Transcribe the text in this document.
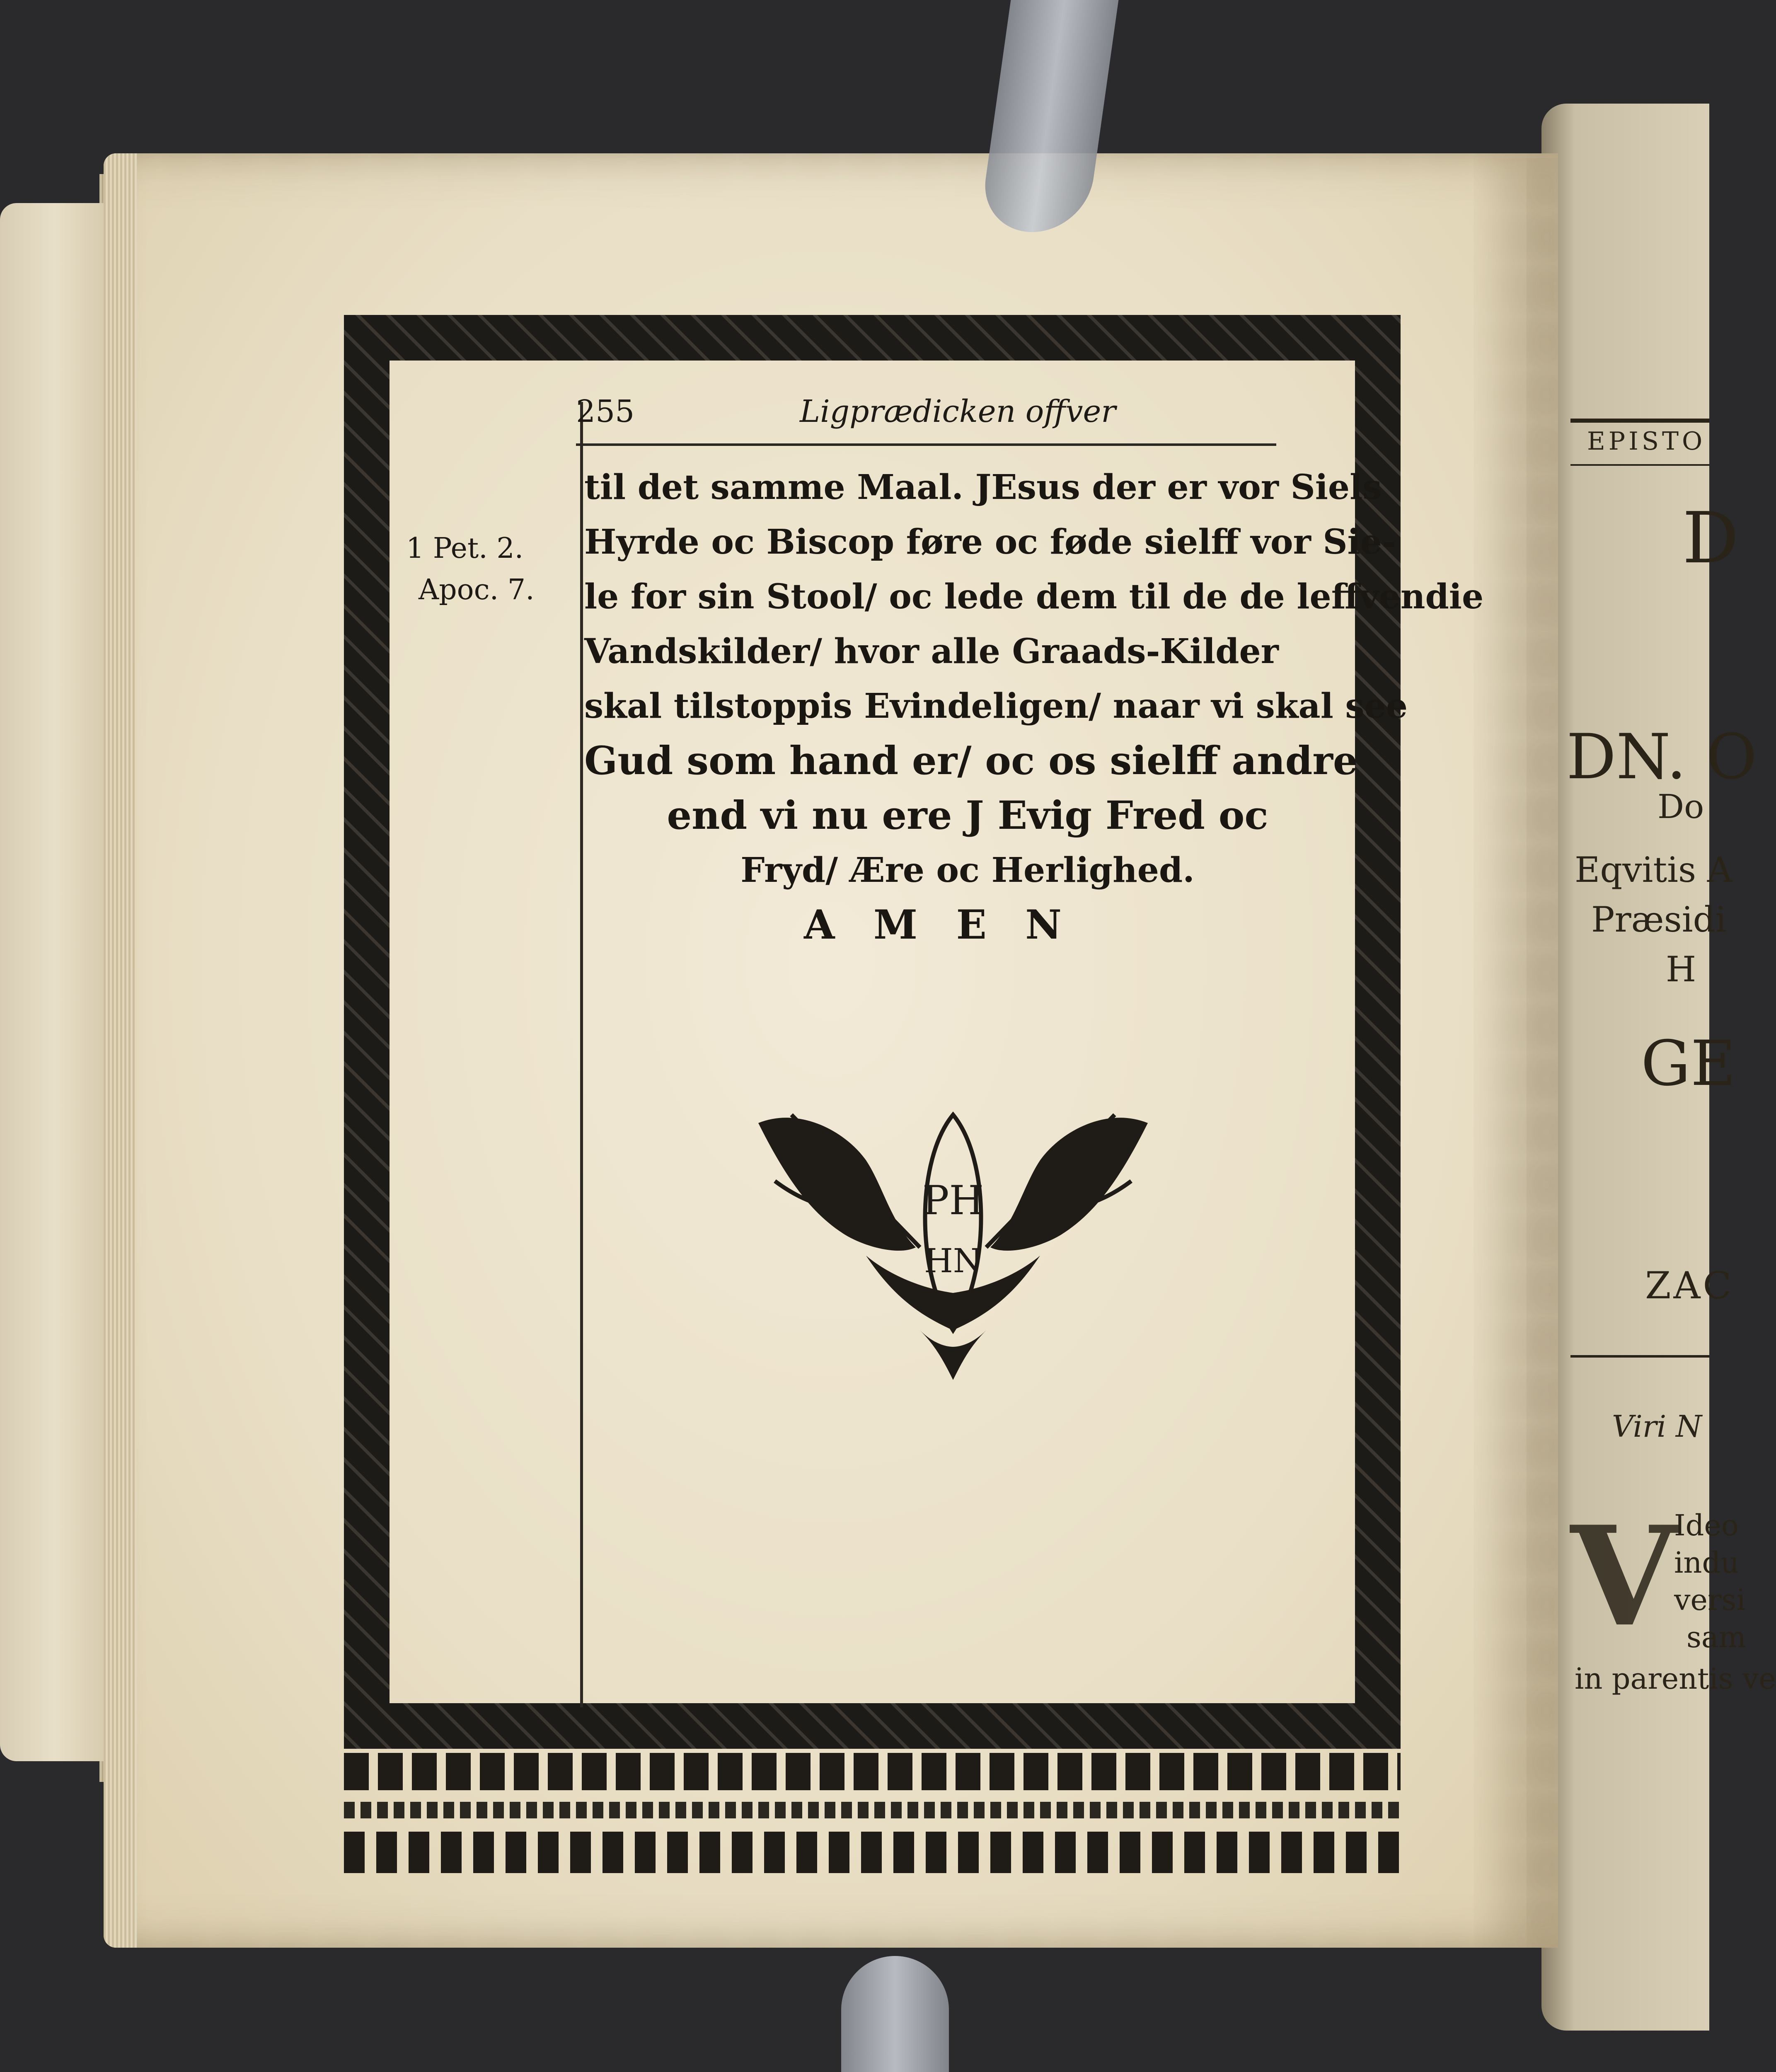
EPISTO
D
DN. O
Do
Eqvitis A
Præsidi
H
GE
ZAC
Viri N
V
Ideo
indu
versi
sam
in parentis ve
255	Ligprædicken offver
1 Pet. 2.
Apoc. 7.
til det samme Maal. JEsus der er vor Siels
Hyrde oc Biscop føre oc føde sielff vor Sie-
le for sin Stool/ oc lede dem til de de leffvendie
Vandskilder/ hvor alle Graads-Kilder
skal tilstoppis Evindeligen/ naar vi skal see
Gud som hand er/ oc os sielff andre
end vi nu ere J Evig Fred oc
Fryd/ Ære oc Herlighed.
A M E N
PH
HN
